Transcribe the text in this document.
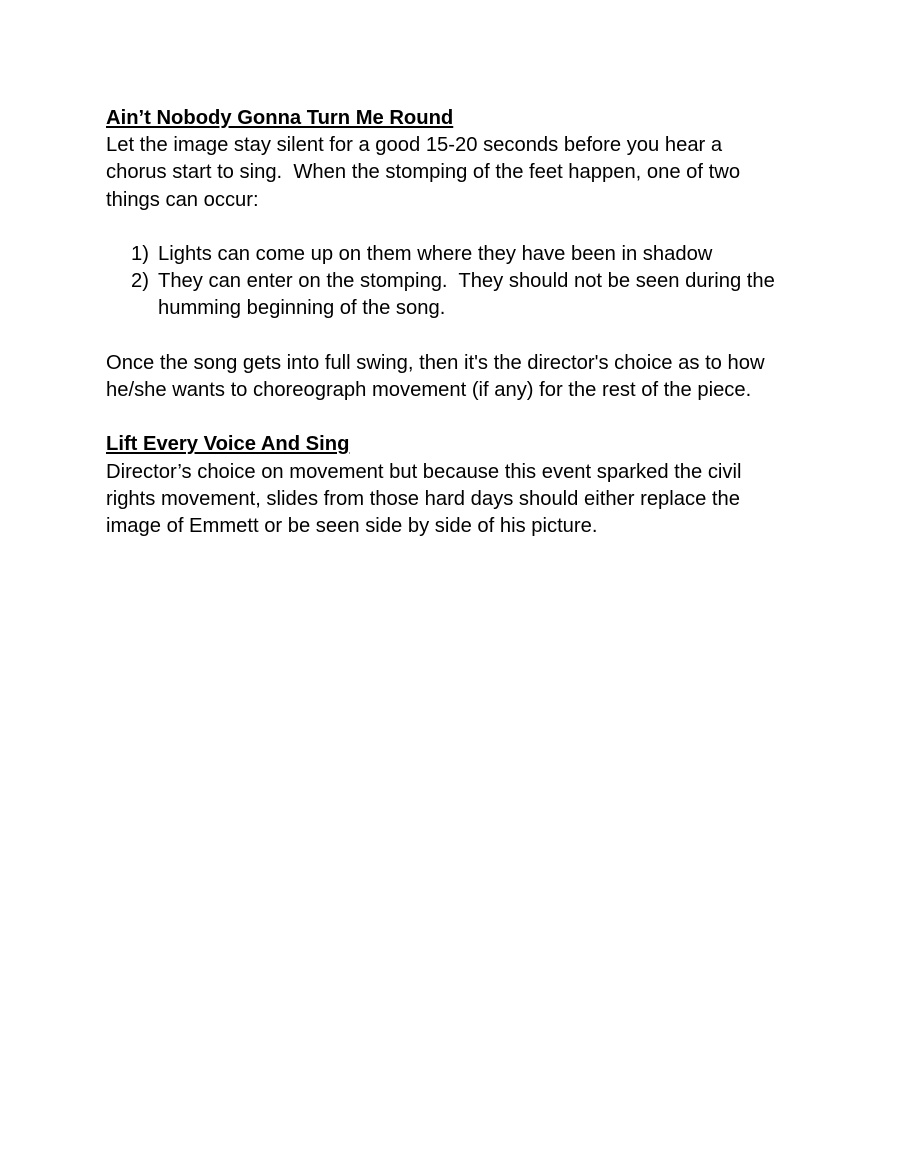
Ain’t Nobody Gonna Turn Me Round

Let the image stay silent for a good 15-20 seconds before you hear a chorus start to sing.  When the stomping of the feet happen, one of two things can occur:

1) Lights can come up on them where they have been in shadow
2) They can enter on the stomping.  They should not be seen during the humming beginning of the song.

Once the song gets into full swing, then it's the director's choice as to how he/she wants to choreograph movement (if any) for the rest of the piece.

Lift Every Voice And Sing

Director’s choice on movement but because this event sparked the civil rights movement, slides from those hard days should either replace the image of Emmett or be seen side by side of his picture.
